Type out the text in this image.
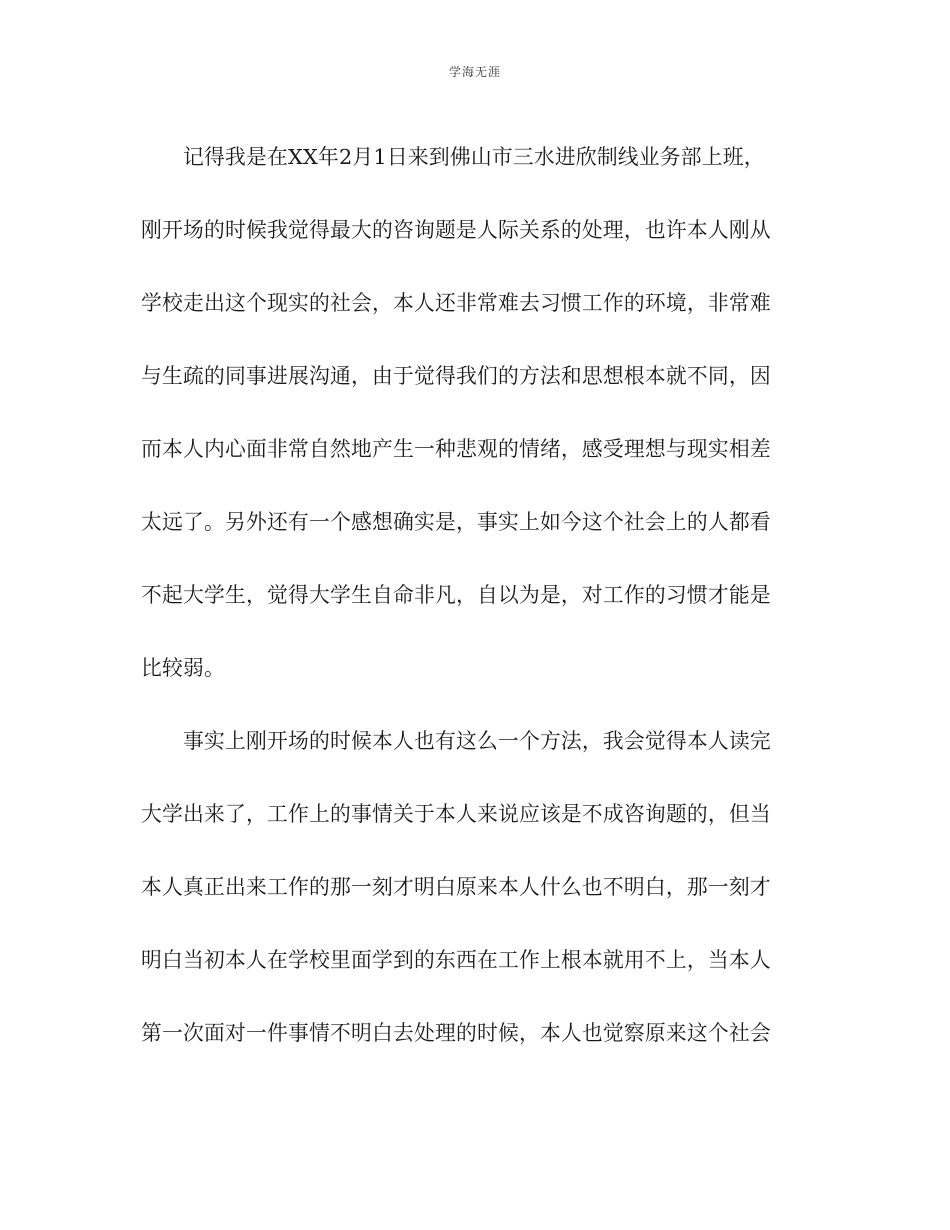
学海无涯
　　记得我是在XX年2月1日来到佛山市三水进欣制线业务部上班，
刚开场的时候我觉得最大的咨询题是人际关系的处理，也许本人刚从
学校走出这个现实的社会，本人还非常难去习惯工作的环境，非常难
与生疏的同事进展沟通，由于觉得我们的方法和思想根本就不同，因
而本人内心面非常自然地产生一种悲观的情绪，感受理想与现实相差
太远了。另外还有一个感想确实是，事实上如今这个社会上的人都看
不起大学生，觉得大学生自命非凡，自以为是，对工作的习惯才能是
比较弱。
　　事实上刚开场的时候本人也有这么一个方法，我会觉得本人读完
大学出来了，工作上的事情关于本人来说应该是不成咨询题的，但当
本人真正出来工作的那一刻才明白原来本人什么也不明白，那一刻才
明白当初本人在学校里面学到的东西在工作上根本就用不上，当本人
第一次面对一件事情不明白去处理的时候，本人也觉察原来这个社会
